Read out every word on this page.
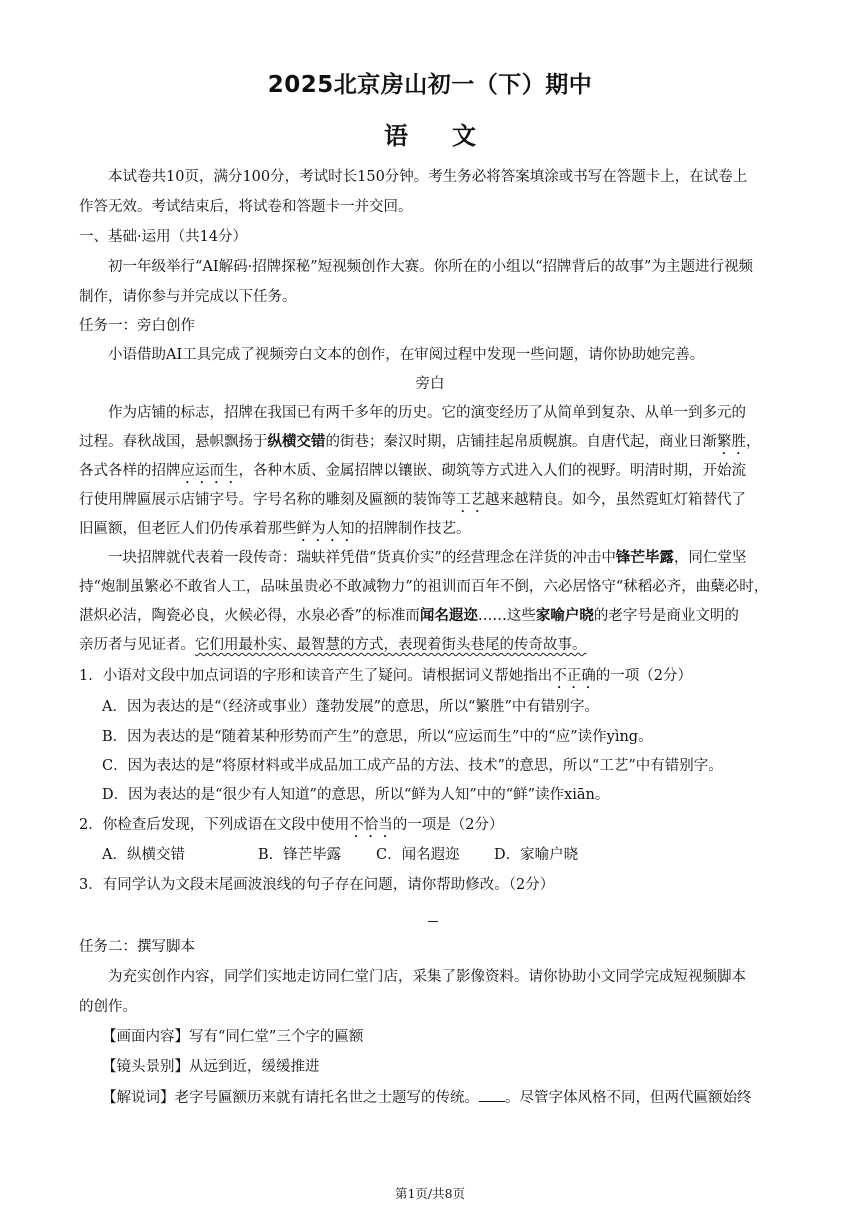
2025北京房山初一（下）期中
语文
本试卷共10页，满分100分，考试时长150分钟。考生务必将答案填涂或书写在答题卡上，在试卷上
作答无效。考试结束后，将试卷和答题卡一并交回。
一、基础·运用（共14分）
初一年级举行“AI解码·招牌探秘”短视频创作大赛。你所在的小组以“招牌背后的故事”为主题进行视频
制作，请你参与并完成以下任务。
任务一：旁白创作
小语借助AI工具完成了视频旁白文本的创作，在审阅过程中发现一些问题，请你协助她完善。
旁白
作为店铺的标志，招牌在我国已有两千多年的历史。它的演变经历了从简单到复杂、从单一到多元的
过程。春秋战国，悬帜飘扬于纵横交错的街巷；秦汉时期，店铺挂起帛质幌旗。自唐代起，商业日渐繁胜，
各式各样的招牌应运而生，各种木质、金属招牌以镶嵌、砌筑等方式进入人们的视野。明清时期，开始流
行使用牌匾展示店铺字号。字号名称的雕刻及匾额的装饰等工艺越来越精良。如今，虽然霓虹灯箱替代了
旧匾额，但老匠人们仍传承着那些鲜为人知的招牌制作技艺。
一块招牌就代表着一段传奇：瑞蚨祥凭借“货真价实”的经营理念在洋货的冲击中锋芒毕露，同仁堂坚
持“炮制虽繁必不敢省人工，品味虽贵必不敢减物力”的祖训而百年不倒，六必居恪守“秫稻必齐，曲蘖必时，
湛炽必洁，陶瓷必良，火候必得，水泉必香”的标准而闻名遐迩……这些家喻户晓的老字号是商业文明的
亲历者与见证者。它们用最朴实、最智慧的方式，表现着街头巷尾的传奇故事。
1．小语对文段中加点词语的字形和读音产生了疑问。请根据词义帮她指出不正确的一项（2分）
A．因为表达的是“（经济或事业）蓬勃发展”的意思，所以“繁胜”中有错别字。
B．因为表达的是“随着某种形势而产生”的意思，所以“应运而生”中的“应”读作yìng。
C．因为表达的是“将原材料或半成品加工成产品的方法、技术”的意思，所以“工艺”中有错别字。
D．因为表达的是“很少有人知道”的意思，所以“鲜为人知”中的“鲜”读作xiān。
2．你检查后发现，下列成语在文段中使用不恰当的一项是（2分）
A．纵横交错	B．锋芒毕露 C．闻名遐迩 D．家喻户晓
3．有同学认为文段末尾画波浪线的句子存在问题，请你帮助修改。（2分）
任务二：撰写脚本
为充实创作内容，同学们实地走访同仁堂门店，采集了影像资料。请你协助小文同学完成短视频脚本
的创作。
【画面内容】写有“同仁堂”三个字的匾额
【镜头景别】从远到近，缓缓推进
【解说词】老字号匾额历来就有请托名世之士题写的传统。 。尽管字体风格不同，但两代匾额始终
第1页/共8页
